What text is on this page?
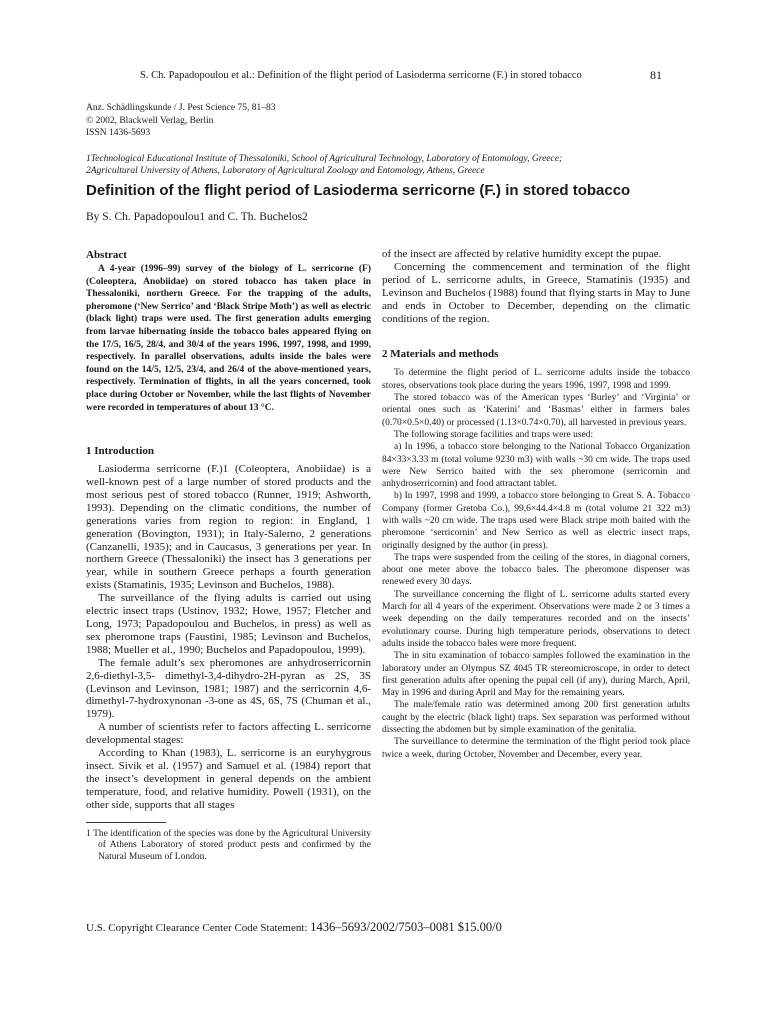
S. Ch. Papadopoulou et al.: Definition of the flight period of Lasioderma serricorne (F.) in stored tobacco	81
Anz. Schädlingskunde / J. Pest Science 75, 81–83
© 2002, Blackwell Verlag, Berlin
ISSN 1436-5693
1Technological Educational Institute of Thessaloniki, School of Agricultural Technology, Laboratory of Entomology, Greece;
2Agricultural University of Athens, Laboratory of Agricultural Zoology and Entomology, Athens, Greece
Definition of the flight period of Lasioderma serricorne (F.) in stored tobacco
By S. Ch. Papadopoulou1 and C. Th. Buchelos2
Abstract

A 4-year (1996–99) survey of the biology of L. serricorne (F) (Coleoptera, Anobiidae) on stored tobacco has taken place in Thessaloniki, northern Greece. For the trapping of the adults, pheromone (‘New Serrico’ and ‘Black Stripe Moth’) as well as electric (black light) traps were used. The first generation adults emerging from larvae hibernating inside the tobacco bales appeared flying on the 17/5, 16/5, 28/4, and 30/4 of the years 1996, 1997, 1998, and 1999, respectively. In parallel observations, adults inside the bales were found on the 14/5, 12/5, 23/4, and 26/4 of the above-mentioned years, respectively. Termination of flights, in all the years concerned, took place during October or November, while the last flights of November were recorded in temperatures of about 13 °C.

1 Introduction

Lasioderma serricorne (F.)1 (Coleoptera, Anobiidae) is a well-known pest of a large number of stored products and the most serious pest of stored tobacco (Runner, 1919; Ashworth, 1993). Depending on the climatic conditions, the number of generations varies from region to region: in England, 1 generation (Bovington, 1931); in Italy-Salerno, 2 generations (Canzanelli, 1935); and in Caucasus, 3 generations per year. In northern Greece (Thessaloniki) the insect has 3 generations per year, while in southern Greece perhaps a fourth generation exists (Stamatinis, 1935; Levinson and Buchelos, 1988).

The surveillance of the flying adults is carried out using electric insect traps (Ustinov, 1932; Howe, 1957; Fletcher and Long, 1973; Papadopoulou and Buchelos, in press) as well as sex pheromone traps (Faustini, 1985; Levinson and Buchelos, 1988; Mueller et al., 1990; Buchelos and Papadopoulou, 1999).

The female adult’s sex pheromones are anhydroserricornin 2,6-diethyl-3,5- dimethyl-3,4-dihydro-2H-pyran as 2S, 3S (Levinson and Levinson, 1981; 1987) and the serricornin 4,6-dimethyl-7-hydroxynonan -3-one as 4S, 6S, 7S (Chuman et al., 1979).

A number of scientists refer to factors affecting L. serricorne developmental stages:

According to Khan (1983), L. serricorne is an euryhygrous insect. Sivik et al. (1957) and Samuel et al. (1984) report that the insect’s development in general depends on the ambient temperature, food, and relative humidity. Powell (1931), on the other side, supports that all stages

1 The identification of the species was done by the Agricultural University of Athens Laboratory of stored product pests and confirmed by the Natural Museum of London.

of the insect are affected by relative humidity except the pupae.

Concerning the commencement and termination of the flight period of L. serricorne adults, in Greece, Stamatinis (1935) and Levinson and Buchelos (1988) found that flying starts in May to June and ends in October to December, depending on the climatic conditions of the region.

2 Materials and methods

To determine the flight period of L. serricorne adults inside the tobacco stores, observations took place during the years 1996, 1997, 1998 and 1999.

The stored tobacco was of the American types ‘Burley’ and ‘Virginia’ or oriental ones such as ‘Katerini’ and ‘Basmas’ either in farmers bales (0.70×0.5×0.40) or processed (1.13×0.74×0.70), all harvested in previous years.

The following storage facilities and traps were used:

a) In 1996, a tobacco store belonging to the National Tobacco Organization 84×33×3.33 m (total volume 9230 m3) with walls ~30 cm wide. The traps used were New Serrico baited with the sex pheromone (serricornin and anhydroserricornin) and food attractant tablet.

b) In 1997, 1998 and 1999, a tobacco store belonging to Great S. A. Tobacco Company (former Gretoba Co.), 99,6×44.4×4.8 m (total volume 21 322 m3) with walls ~20 cm wide. The traps used were Black stripe moth baited with the pheromone ‘serricornin’ and New Serrico as well as electric insect traps, originally designed by the author (in press).

The traps were suspended from the ceiling of the stores, in diagonal corners, about one meter above the tobacco bales. The pheromone dispenser was renewed every 30 days.

The surveillance concerning the flight of L. serricorne adults started every March for all 4 years of the experiment. Observations were made 2 or 3 times a week depending on the daily temperatures recorded and on the insects’ evolutionary course. During high temperature periods, observations to detect adults inside the tobacco bales were more frequent.

The in situ examination of tobacco samples followed the examination in the laboratory under an Olympus SZ 4045 TR stereomicroscope, in order to detect first generation adults after opening the pupal cell (if any), during March, April, May in 1996 and during April and May for the remaining years.

The male/female ratio was determined among 200 first generation adults caught by the electric (black light) traps. Sex separation was performed without dissecting the abdomen but by simple examination of the genitalia.

The surveillance to determine the termination of the flight period took place twice a week, during October, November and December, every year.

U.S. Copyright Clearance Center Code Statement: 1436–5693/2002/7503–0081 $15.00/0
